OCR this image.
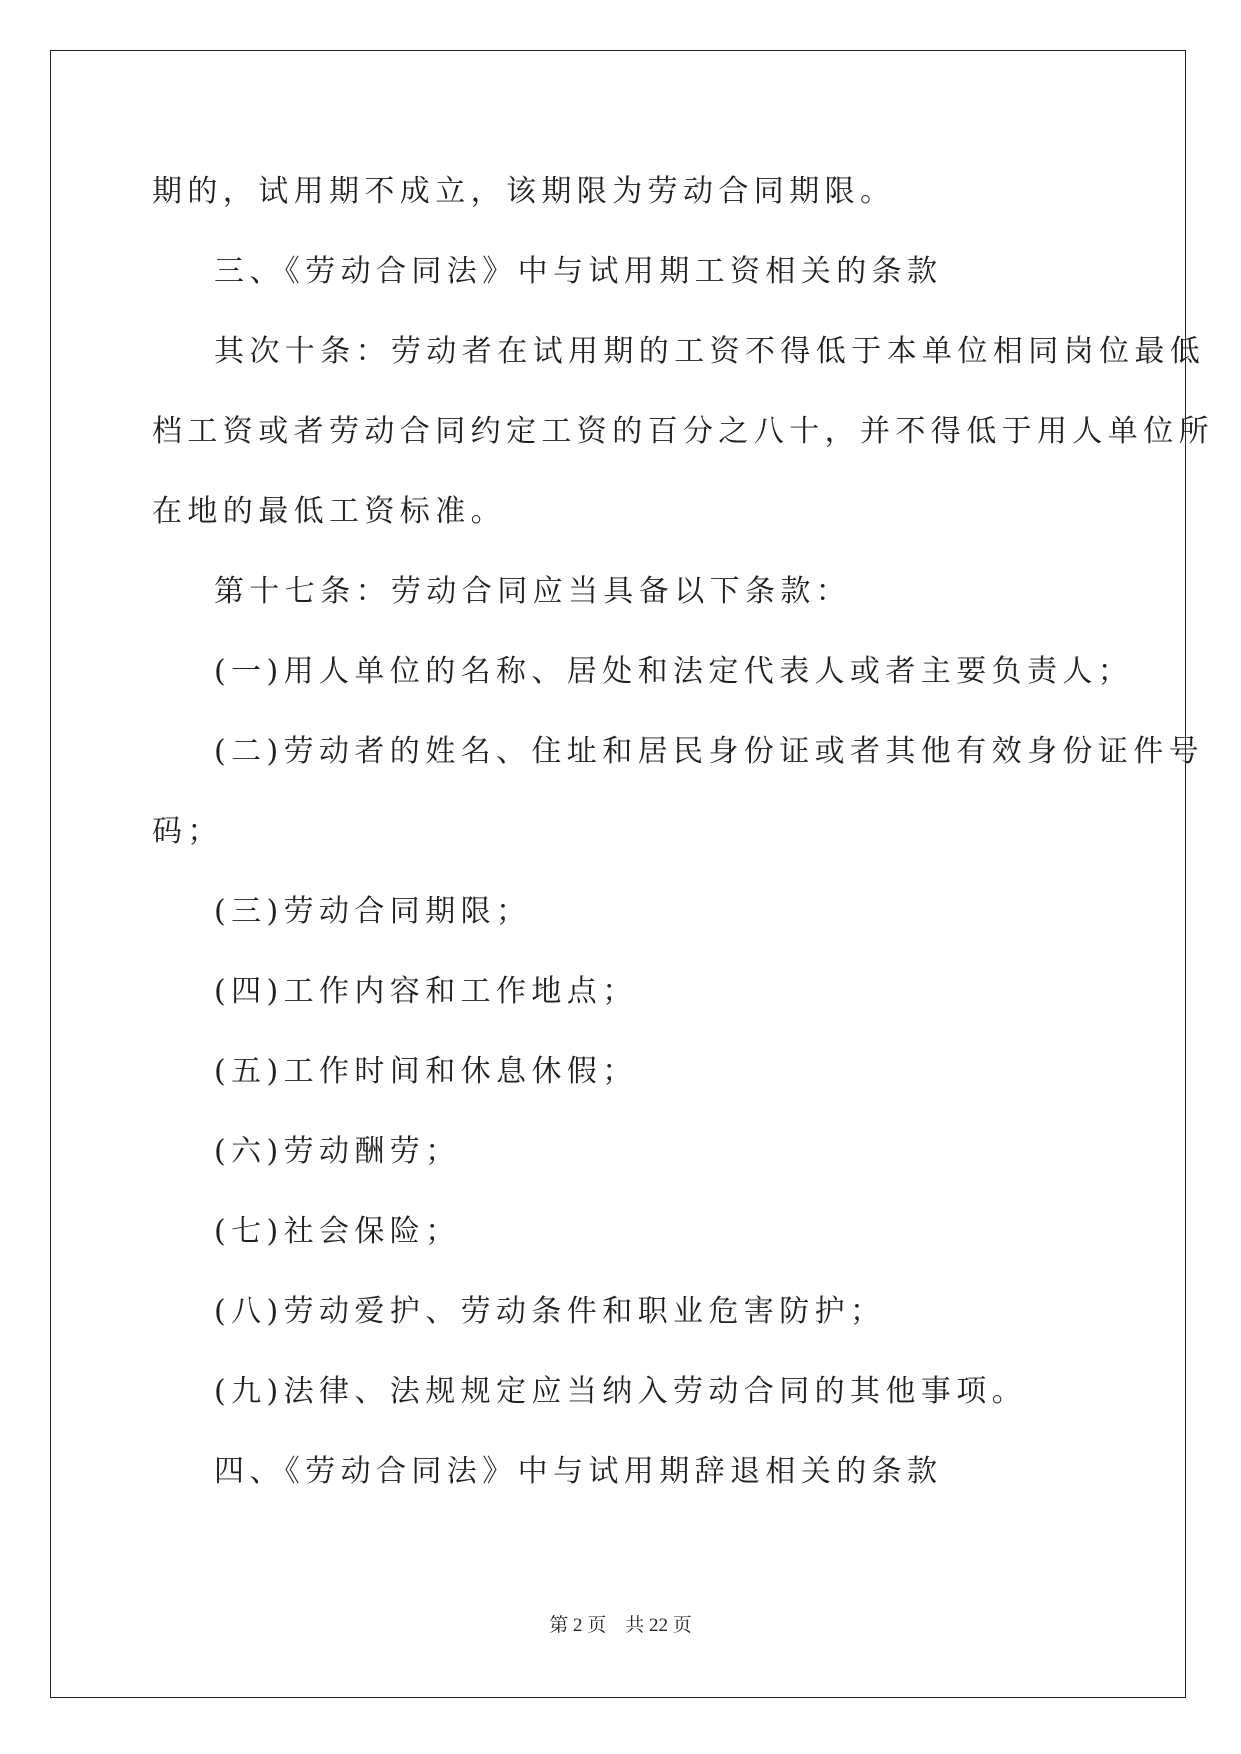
期的，试用期不成立，该期限为劳动合同期限。
三、《劳动合同法》中与试用期工资相关的条款
其次十条：劳动者在试用期的工资不得低于本单位相同岗位最低
档工资或者劳动合同约定工资的百分之八十，并不得低于用人单位所
在地的最低工资标准。
第十七条：劳动合同应当具备以下条款：
(一)用人单位的名称、居处和法定代表人或者主要负责人；
(二)劳动者的姓名、住址和居民身份证或者其他有效身份证件号
码；
(三)劳动合同期限；
(四)工作内容和工作地点；
(五)工作时间和休息休假；
(六)劳动酬劳；
(七)社会保险；
(八)劳动爱护、劳动条件和职业危害防护；
(九)法律、法规规定应当纳入劳动合同的其他事项。
四、《劳动合同法》中与试用期辞退相关的条款
第 2 页    共 22 页
